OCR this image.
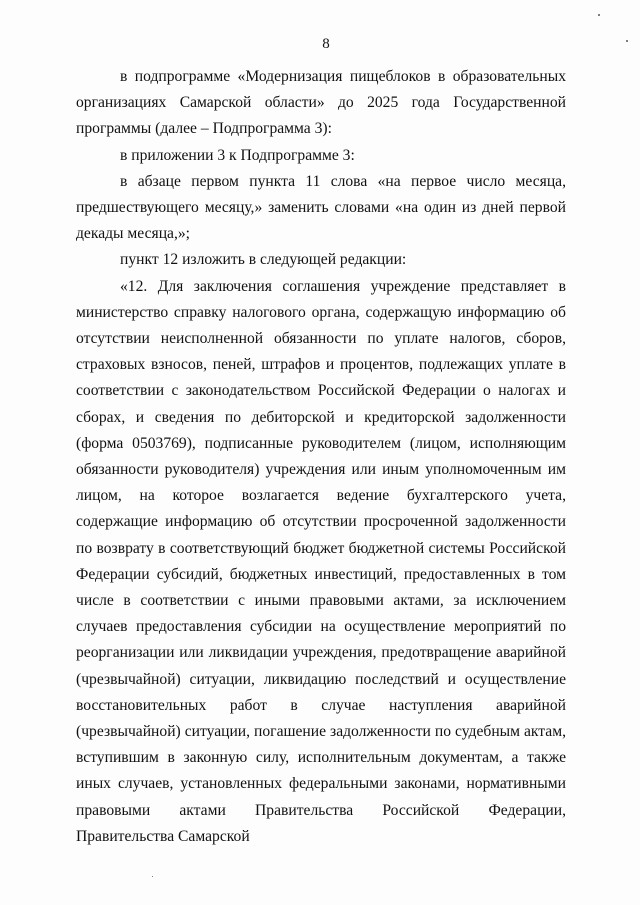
8

в подпрограмме «Модернизация пищеблоков в образовательных организациях Самарской области» до 2025 года Государственной программы (далее – Подпрограмма 3):

в приложении 3 к Подпрограмме 3:

в абзаце первом пункта 11 слова «на первое число месяца, предшествующего месяцу,» заменить словами «на один из дней первой декады месяца,»;

пункт 12 изложить в следующей редакции:

«12. Для заключения соглашения учреждение представляет в министерство справку налогового органа, содержащую информацию об отсутствии неисполненной обязанности по уплате налогов, сборов, страховых взносов, пеней, штрафов и процентов, подлежащих уплате в соответствии с законодательством Российской Федерации о налогах и сборах, и сведения по дебиторской и кредиторской задолженности (форма 0503769), подписанные руководителем (лицом, исполняющим обязанности руководителя) учреждения или иным уполномоченным им лицом, на которое возлагается ведение бухгалтерского учета, содержащие информацию об отсутствии просроченной задолженности по возврату в соответствующий бюджет бюджетной системы Российской Федерации субсидий, бюджетных инвестиций, предоставленных в том числе в соответствии с иными правовыми актами, за исключением случаев предоставления субсидии на осуществление мероприятий по реорганизации или ликвидации учреждения, предотвращение аварийной (чрезвычайной) ситуации, ликвидацию последствий и осуществление восстановительных работ в случае наступления аварийной (чрезвычайной) ситуации, погашение задолженности по судебным актам, вступившим в законную силу, исполнительным документам, а также иных случаев, установленных федеральными законами, нормативными правовыми актами Правительства Российской Федерации, Правительства Самарской
